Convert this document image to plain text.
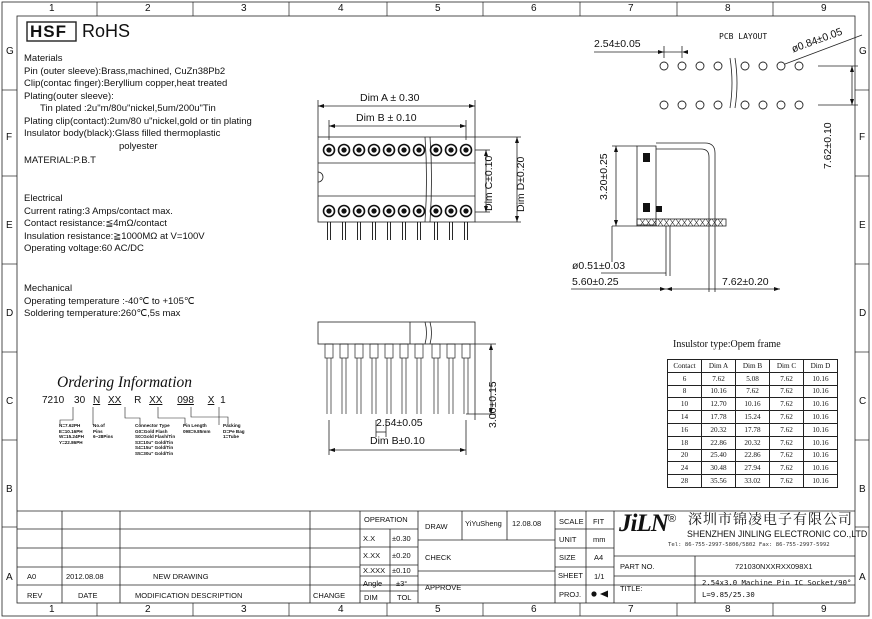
1	2	3	4	5	6	7	8	9
1	2	3	4	5	6	7	8	9
G
F
E
D
C
B
A
G
F
E
D
C
B
A
HSF RoHS
Materials
Pin (outer sleeve):Brass,machined, CuZn38Pb2
Clip(contac finger):Beryllium copper,heat treated
Plating(outer sleeve):
Tin plated :2u"m/80u"nickel,5um/200u"Tin
Plating clip(contact):2um/80 u"nickel,gold or tin plating
Insulator body(black):Glass filled thermoplastic
polyester
MATERIAL:P.B.T
Electrical
Current rating:3 Amps/contact max.
Contact resistance:≦4mΩ/contact
Insulation resistance:≧1000MΩ at V=100V
Operating voltage:60 AC/DC
Mechanical
Operating temperature :-40℃ to +105℃
Soldering temperature:260℃,5s max
Ordering Information
7210 30 N XX R XX 098 X 1
N=7.62PH
E=10.16PH
W=15.24PH
Y=22.86PH
No.of
Pins
6~28Pins
Connector Type
G0=Gold Flash
S0=Gold Flash/Tin
S3=10u" Gold/Tin
S4=15u" Gold/Tin
S5=30u" Gold/Tin
Pin Length
098=9.85mm
Packing
D=Pe Bag
1=Tube
Dim A ± 0.30
Dim B ± 0.10
Dim C±0.10 Dim D±0.20
2.54±0.05
Dim B±0.10
3.00±0.15
3.20±0.25
ø0.51±0.03
5.60±0.25	7.62±0.20
PCB LAYOUT
2.54±0.05	ø0.84±0.05
7.62±0.10
Insulstor type:Opem frame
Contact	Dim A	Dim B	Dim C	Dim D
6	7.62	5.08	7.62	10.16
8	10.16	7.62	7.62	10.16
10	12.70	10.16	7.62	10.16
14	17.78	15.24	7.62	10.16
16	20.32	17.78	7.62	10.16
18	22.86	20.32	7.62	10.16
20	25.40	22.86	7.62	10.16
24	30.48	27.94	7.62	10.16
28	35.56	33.02	7.62	10.16
OPERATION
X.X ±0.30
X.XX ±0.20
X.XXX ±0.10
Angle ±3°
DIM	TOL
DRAW YiYuSheng 12.08.08
CHECK
APPROVE
SCALE FIT
UNIT mm
SIZE A4
SHEET 1/1
PROJ.
JiLN ® 深圳市锦凌电子有限公司
SHENZHEN JINLING ELECTRONIC CO.,LTD
Tel: 86-755-2997-5806/5802 Fax: 86-755-2997-5992
PART NO.	721030NXXRXX098X1
TITLE:
2.54x3.0 Machine Pin IC Socket/90°
L=9.85/25.30
A0	2012.08.08	NEW DRAWING
REV	DATE	MODIFICATION DESCRIPTION	CHANGE
